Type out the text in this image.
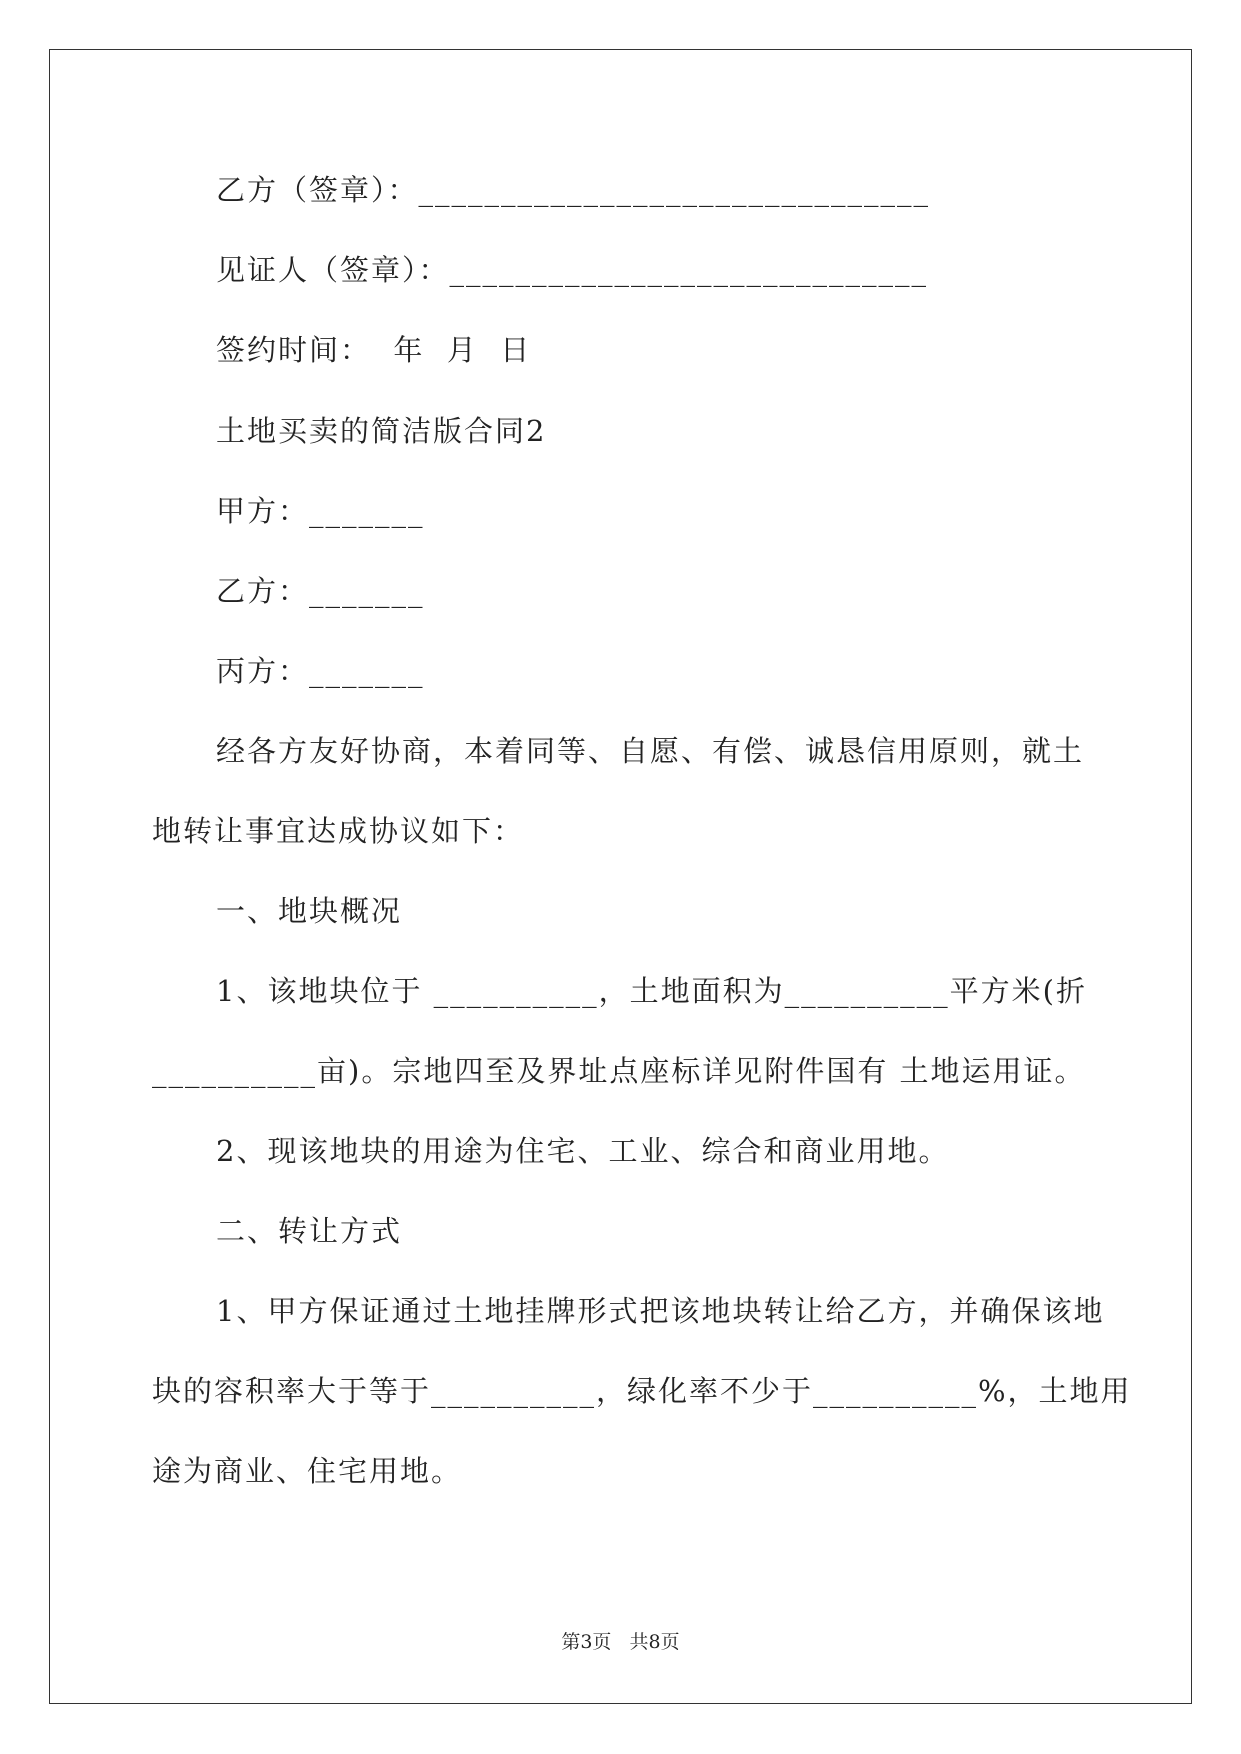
乙方（签章）：_______________________________
见证人（签章）：_____________________________
签约时间：  年  月  日
土地买卖的简洁版合同2
甲方：_______
乙方：_______
丙方：_______
经各方友好协商，本着同等、自愿、有偿、诚恳信用原则，就土
地转让事宜达成协议如下：
一、地块概况
1、该地块位于 __________，土地面积为__________平方米(折
__________亩)。宗地四至及界址点座标详见附件国有 土地运用证。
2、现该地块的用途为住宅、工业、综合和商业用地。
二、转让方式
1、甲方保证通过土地挂牌形式把该地块转让给乙方，并确保该地
块的容积率大于等于__________，绿化率不少于__________%，土地用
途为商业、住宅用地。
第3页   共8页
